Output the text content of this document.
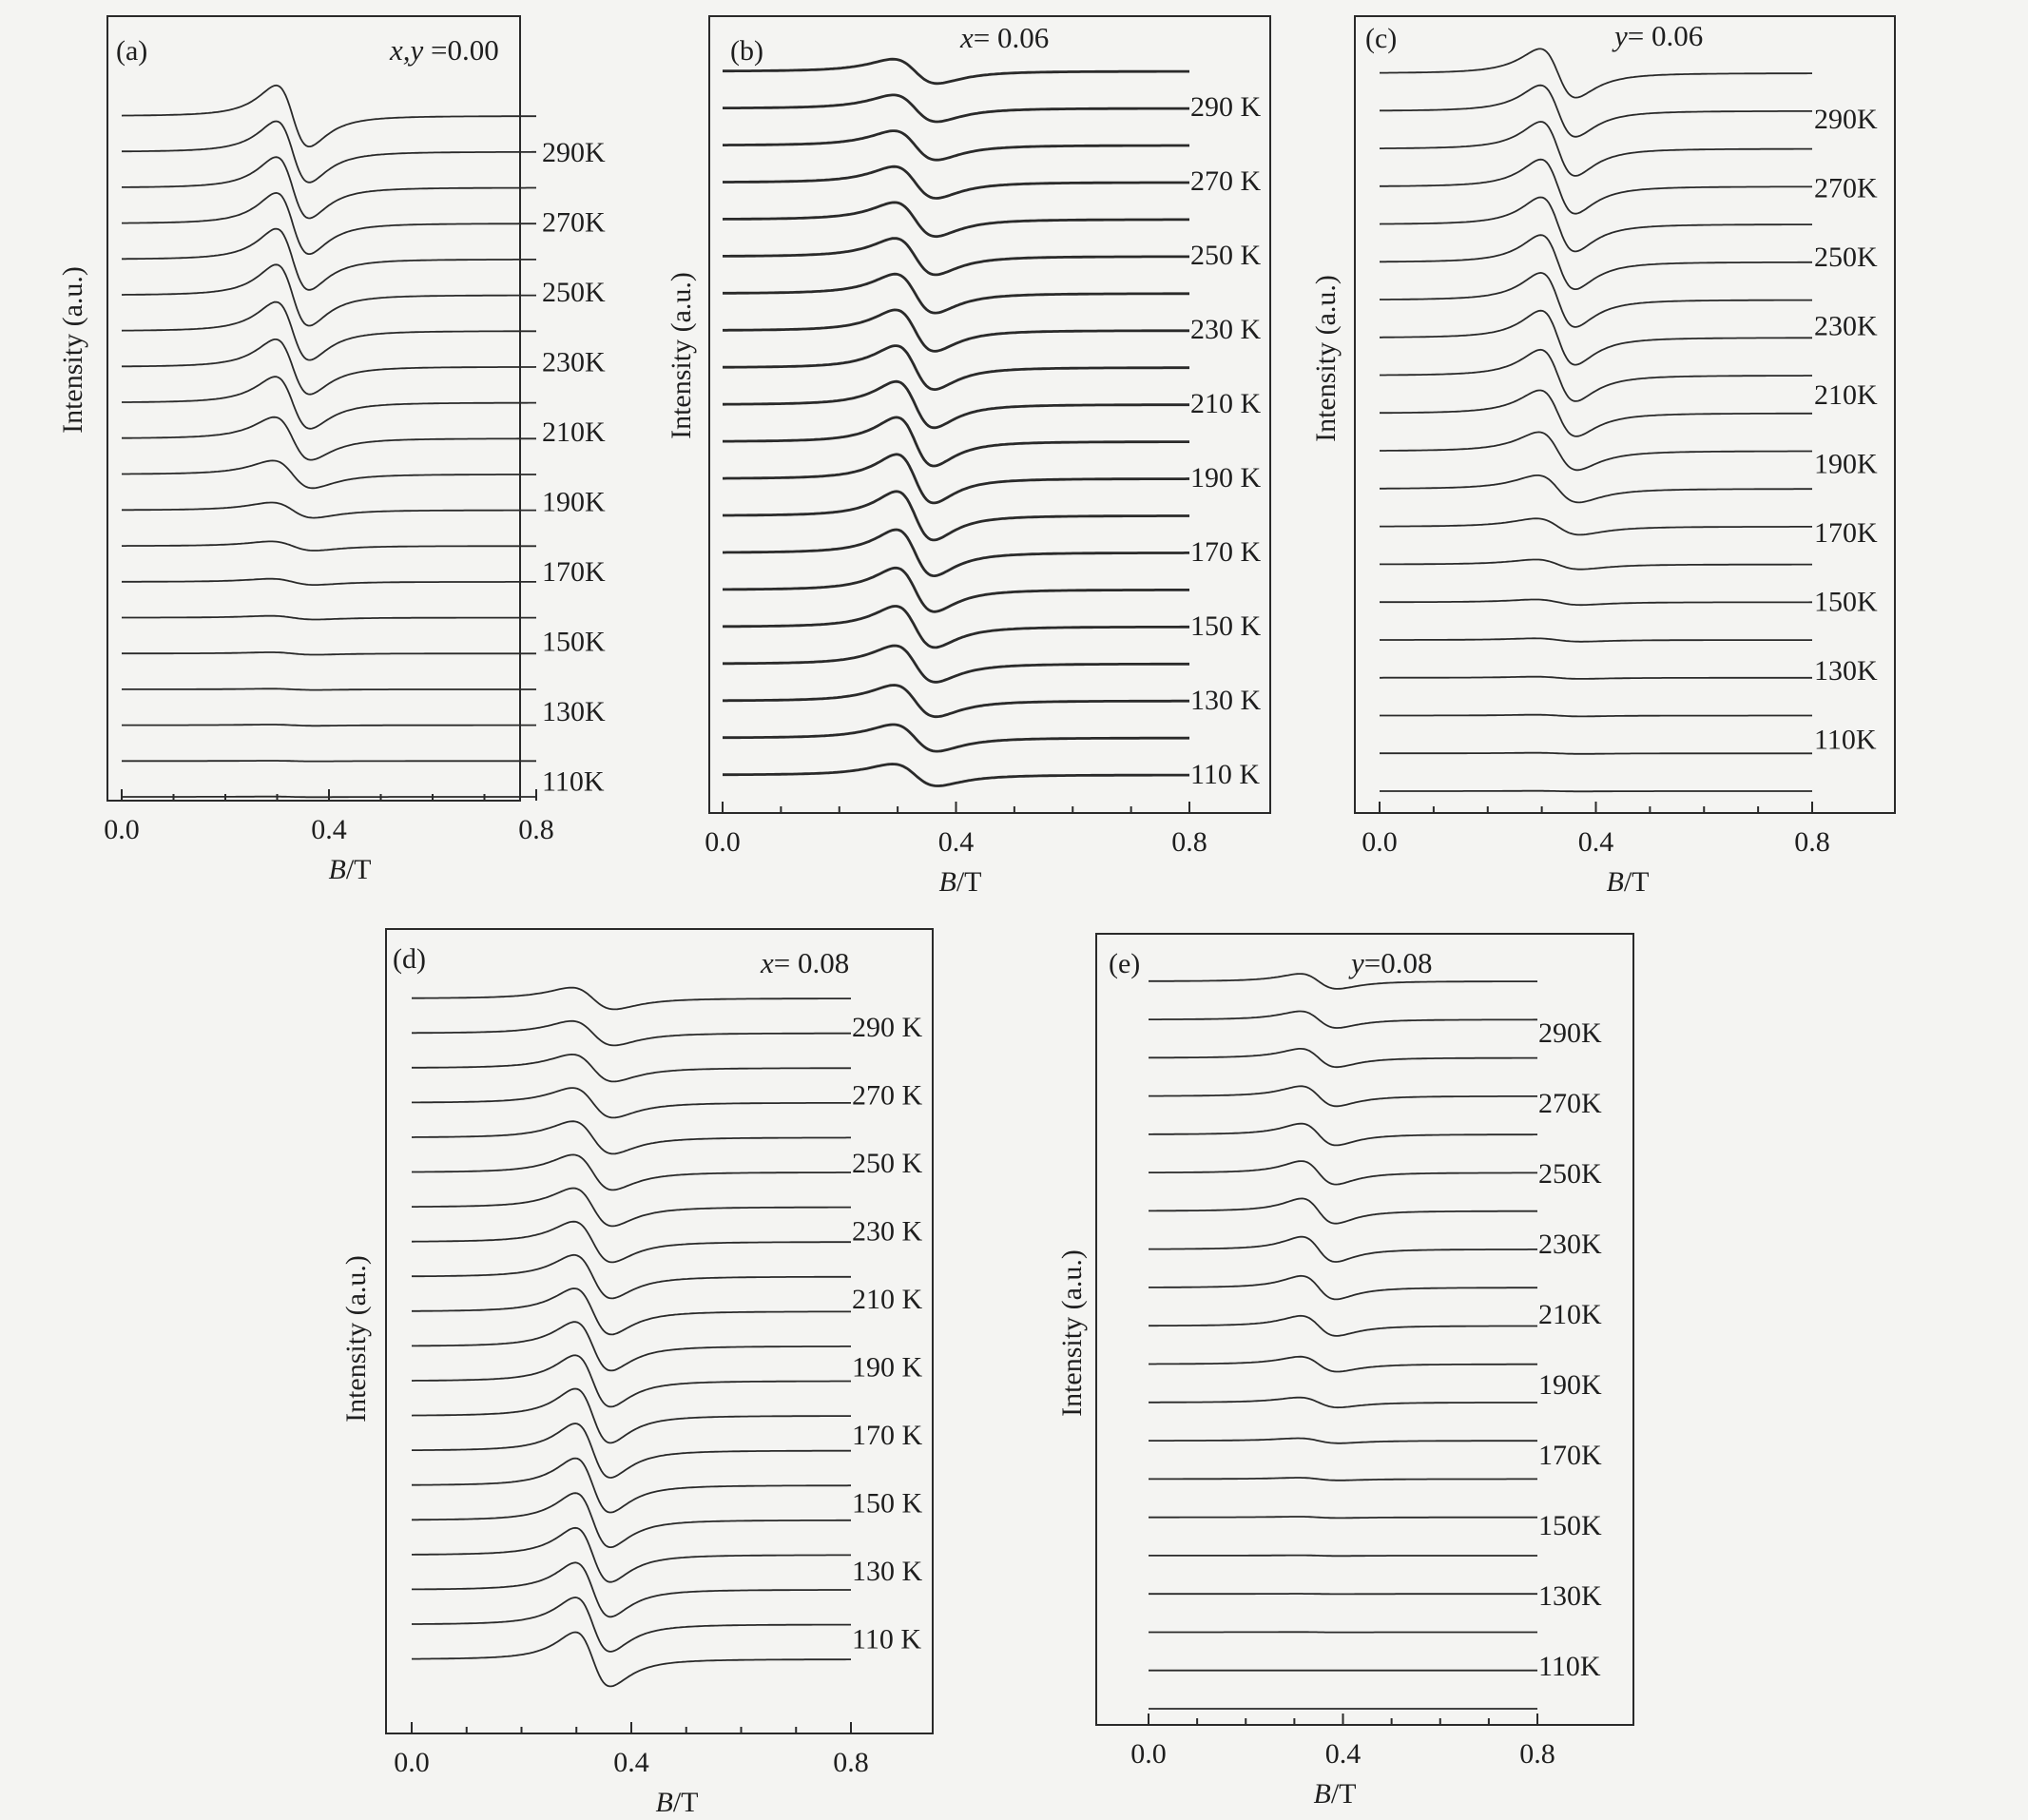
0.0	0.4	0.8
B/T
Intensity (a.u.)
(a)	x,y =0.00
290K
270K
250K
230K
210K
190K
170K
150K
130K
110K
0.0	0.4	0.8
B/T
Intensity (a.u.)
(b)	x= 0.06
290 K
270 K
250 K
230 K
210 K
190 K
170 K
150 K
130 K
110 K
0.0	0.4	0.8
B/T
Intensity (a.u.)
(c)	y= 0.06
290K
270K
250K
230K
210K
190K
170K
150K
130K
110K
0.0	0.4	0.8
B/T
Intensity (a.u.)
(d)	x= 0.08
290 K
270 K
250 K
230 K
210 K
190 K
170 K
150 K
130 K
110 K
0.0	0.4	0.8
B/T
Intensity (a.u.)
(e)	y=0.08
290K
270K
250K
230K
210K
190K
170K
150K
130K
110K
